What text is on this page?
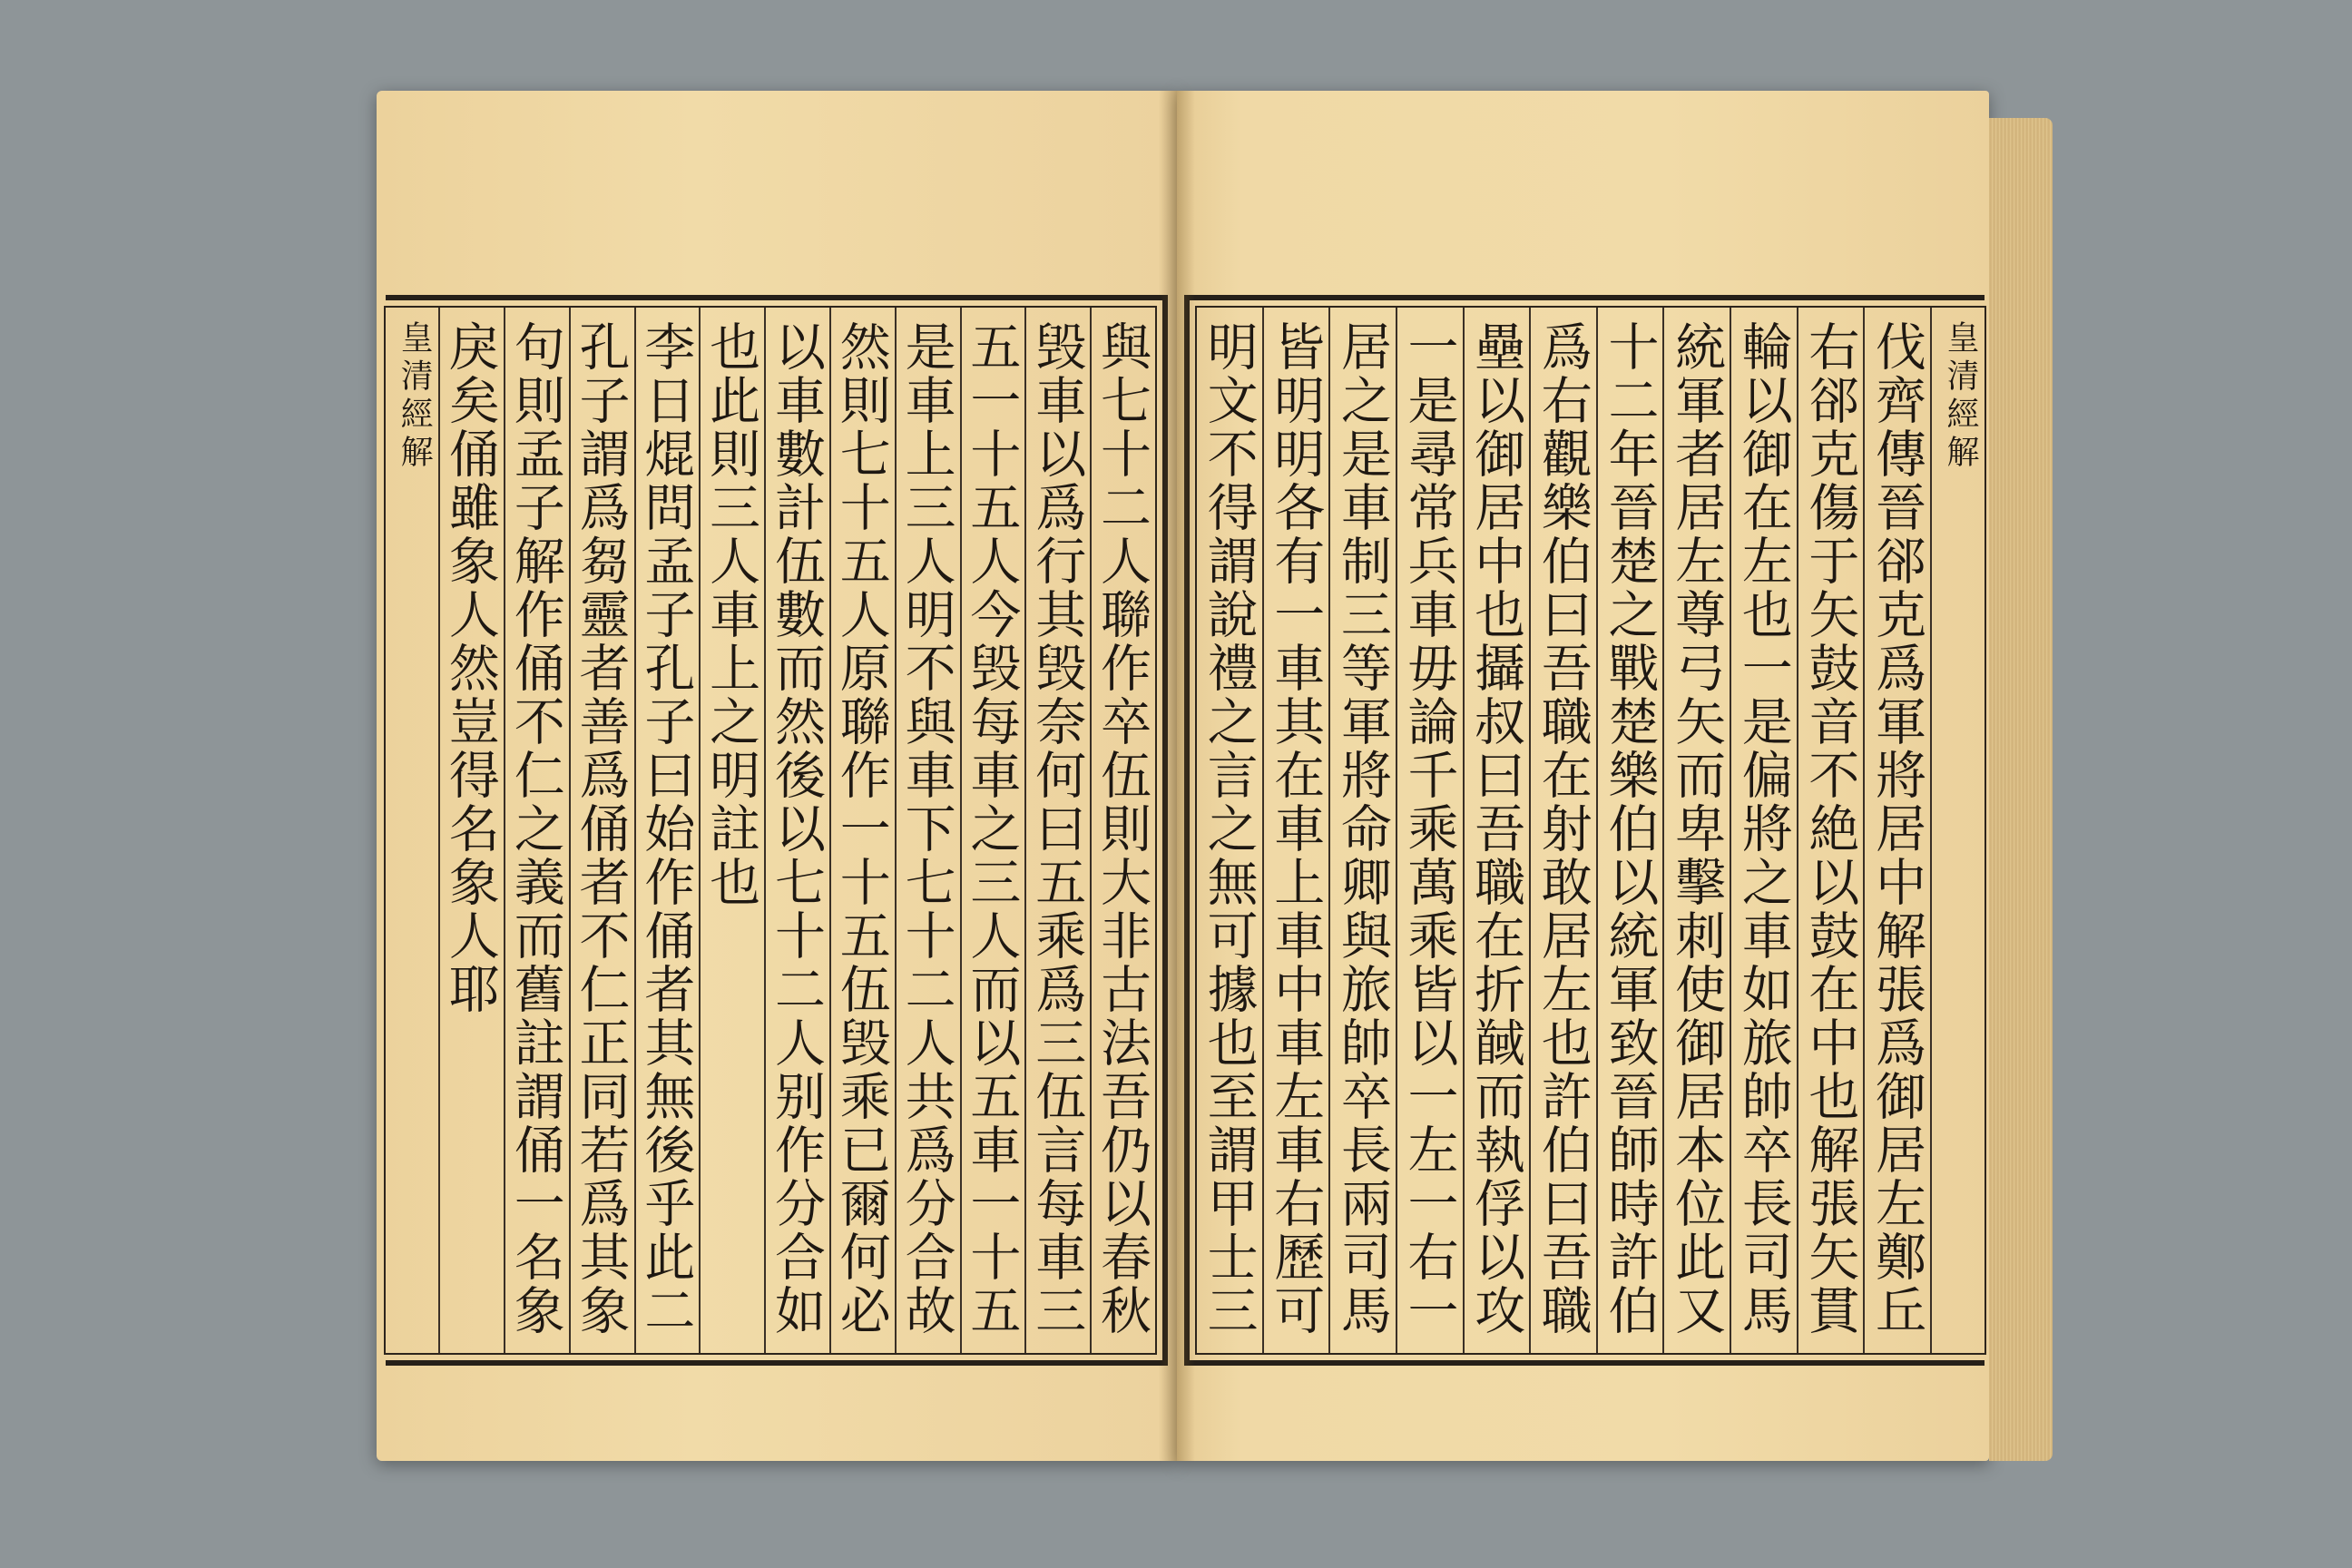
與七十二人聯作卒伍則大非古法吾仍以春秋
毁車以爲行其毁奈何曰五乘爲三伍言每車三
五一十五人今毁每車之三人而以五車一十五
是車上三人明不與車下七十二人共爲分合故
然則七十五人原聯作一十五伍毁乘已爾何必
以車數計伍數而然後以七十二人别作分合如
也此則三人車上之明註也
李日焜問孟子孔子曰始作俑者其無後乎此二
孔子謂爲芻靈者善爲俑者不仁正同若爲其象
句則孟子解作俑不仁之義而舊註謂俑一名象
戾矣俑雖象人然豈得名象人耶
皇清經解	皇清經解
伐齊傳晉郤克爲軍將居中解張爲御居左鄭丘
右郤克傷于矢鼓音不絶以鼓在中也解張矢貫
輪以御在左也一是偏將之車如旅帥卒長司馬
統軍者居左尊弓矢而卑擊刺使御居本位此又
十二年晉楚之戰楚樂伯以統軍致晉師時許伯
爲右觀樂伯曰吾職在射敢居左也許伯曰吾職
壘以御居中也攝叔曰吾職在折馘而執俘以攻
一是尋常兵車毋論千乘萬乘皆以一左一右一
居之是車制三等軍將命卿與旅帥卒長兩司馬
皆明明各有一車其在車上車中車左車右歷可
明文不得謂說禮之言之無可據也至謂甲士三
